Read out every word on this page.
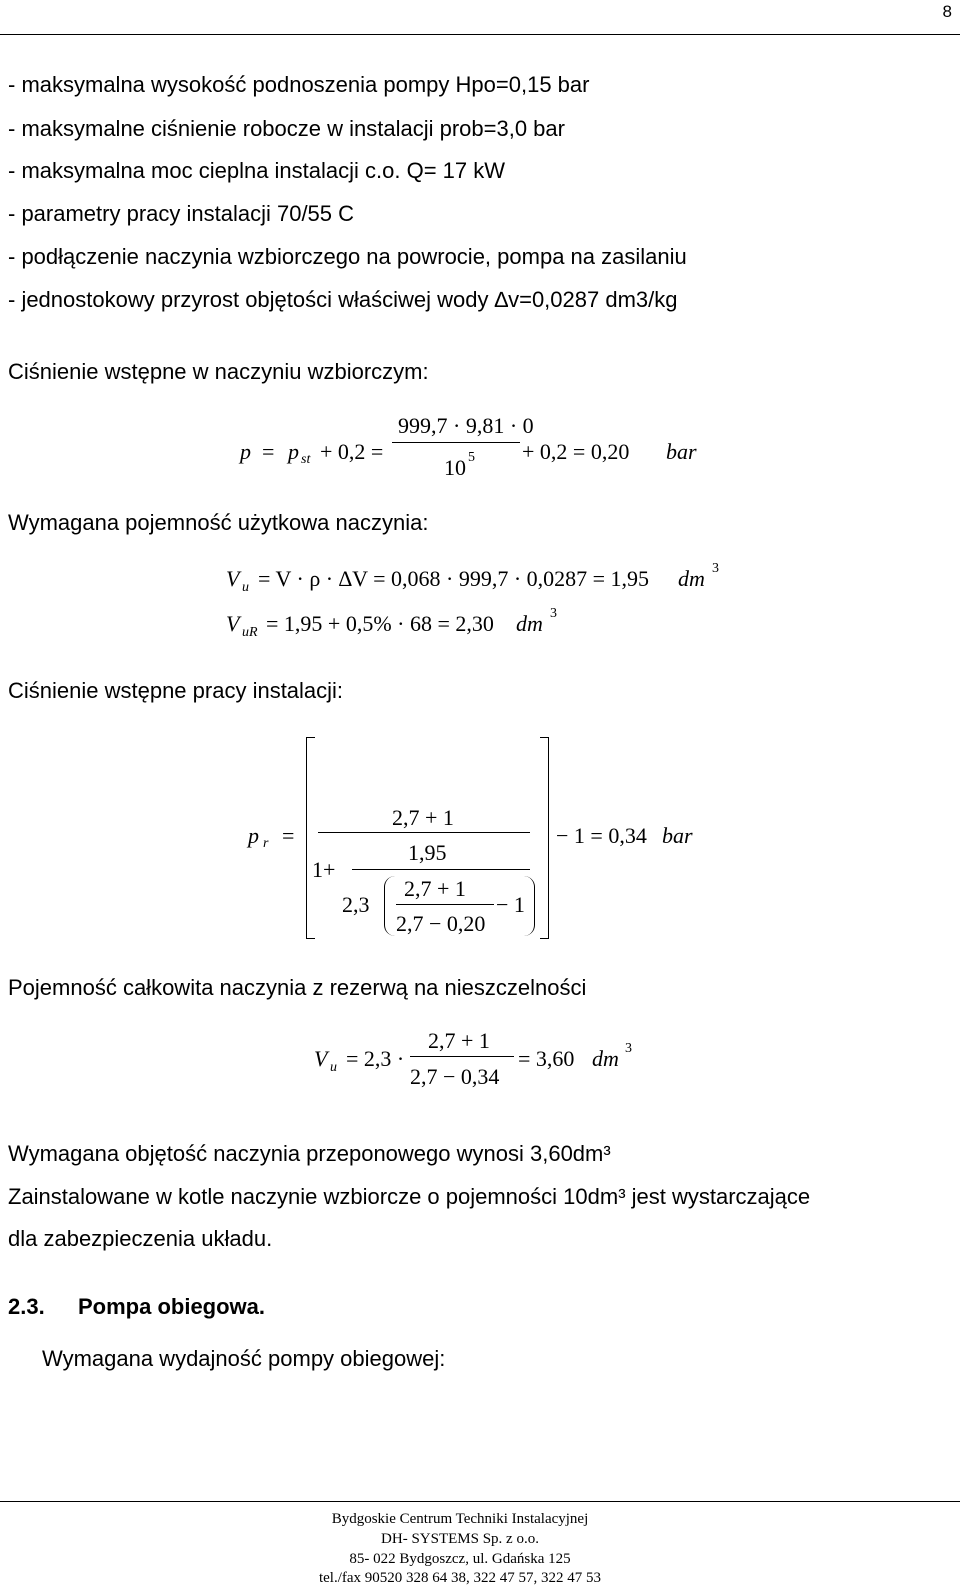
8
- maksymalna wysokość podnoszenia pompy Hpo=0,15 bar
- maksymalne ciśnienie robocze w instalacji prob=3,0 bar
- maksymalna moc cieplna instalacji c.o. Q= 17 kW
- parametry pracy instalacji 70/55 C
- podłączenie naczynia wzbiorczego na powrocie, pompa na zasilaniu
- jednostokowy przyrost objętości właściwej wody ∆v=0,0287 dm3/kg
Ciśnienie wstępne w naczyniu wzbiorczym:
p = p st + 0,2 =
999,7 · 9,81 · 0
10 5 + 0,2 = 0,20 bar
Wymagana pojemność użytkowa naczynia:
V u = V · ρ · ∆V = 0,068 · 999,7 · 0,0287 = 1,95 dm 3
V uR = 1,95 + 0,5% · 68 = 2,30 dm 3
Ciśnienie wstępne pracy instalacji:
p r =
2,7 + 1
1,95
1+
2,3
2,7 + 1
2,7 − 0,20
− 1
− 1 = 0,34 bar
Pojemność całkowita naczynia z rezerwą na nieszczelności
V u = 2,3 ·
2,7 + 1
2,7 − 0,34
= 3,60 dm 3
Wymagana objętość naczynia przeponowego wynosi 3,60dm³
Zainstalowane w kotle naczynie wzbiorcze o pojemności 10dm³ jest wystarczające
dla zabezpieczenia układu.
2.3. Pompa obiegowa.
Wymagana wydajność pompy obiegowej:
Bydgoskie Centrum Techniki Instalacyjnej
DH- SYSTEMS Sp. z o.o.
85- 022 Bydgoszcz, ul. Gdańska 125
tel./fax 90520 328 64 38, 322 47 57, 322 47 53
